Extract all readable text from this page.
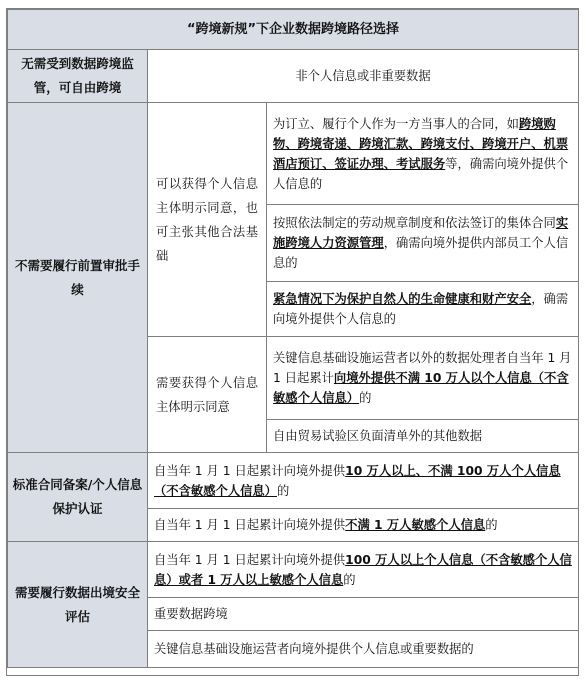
“跨境新规”下企业数据跨境路径选择		
无需受到数据跨境监管，可自由跨境	非个人信息或非重要数据	
不需要履行前置审批手续	可以获得个人信息主体明示同意，也可主张其他合法基础	为订立、履行个人作为一方当事人的合同，如跨境购物、跨境寄递、跨境汇款、跨境支付、跨境开户、机票酒店预订、签证办理、考试服务等，确需向境外提供个人信息的
		按照依法制定的劳动规章制度和依法签订的集体合同实施跨境人力资源管理，确需向境外提供内部员工个人信息的
		紧急情况下为保护自然人的生命健康和财产安全，确需向境外提供个人信息的
	需要获得个人信息主体明示同意	关键信息基础设施运营者以外的数据处理者自当年 1 月 1 日起累计向境外提供不满 10 万人以个人信息（不含敏感个人信息）的
		自由贸易试验区负面清单外的其他数据
标准合同备案/个人信息保护认证	自当年 1 月 1 日起累计向境外提供10 万人以上、不满 100 万人个人信息（不含敏感个人信息）的	
	自当年 1 月 1 日起累计向境外提供不满 1 万人敏感个人信息的	
需要履行数据出境安全评估	自当年 1 月 1 日起累计向境外提供100 万人以上个人信息（不含敏感个人信息）或者 1 万人以上敏感个人信息的	
	重要数据跨境	
	关键信息基础设施运营者向境外提供个人信息或重要数据的	
